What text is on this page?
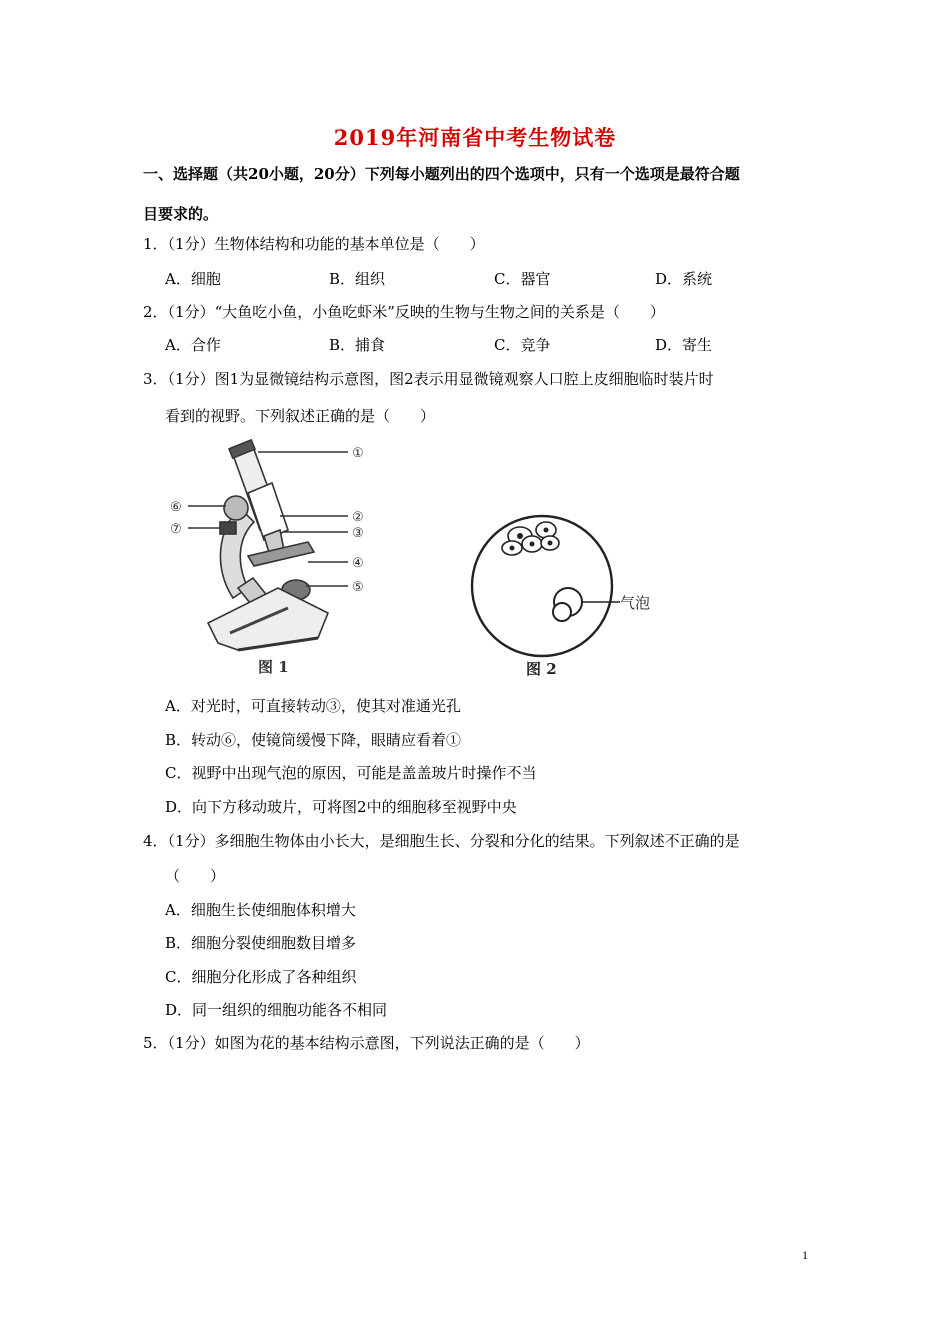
2019年河南省中考生物试卷
一、选择题（共20小题，20分）下列每小题列出的四个选项中，只有一个选项是最符合题
目要求的。
1．（1分）生物体结构和功能的基本单位是（　　）
A．细胞	B．组织	C．器官	D．系统
2．（1分）“大鱼吃小鱼，小鱼吃虾米”反映的生物与生物之间的关系是（　　）
A．合作	B．捕食	C．竞争	D．寄生
3．（1分）图1为显微镜结构示意图，图2表示用显微镜观察人口腔上皮细胞临时装片时
看到的视野。下列叙述正确的是（　　）
①
②
③
④
⑤
⑥
⑦
图 1
气泡
图 2
A．对光时，可直接转动③，使其对准通光孔
B．转动⑥，使镜筒缓慢下降，眼睛应看着①
C．视野中出现气泡的原因，可能是盖盖玻片时操作不当
D．向下方移动玻片，可将图2中的细胞移至视野中央
4．（1分）多细胞生物体由小长大，是细胞生长、分裂和分化的结果。下列叙述不正确的是
（　　）
A．细胞生长使细胞体积增大
B．细胞分裂使细胞数目增多
C．细胞分化形成了各种组织
D．同一组织的细胞功能各不相同
5．（1分）如图为花的基本结构示意图，下列说法正确的是（　　）
1
